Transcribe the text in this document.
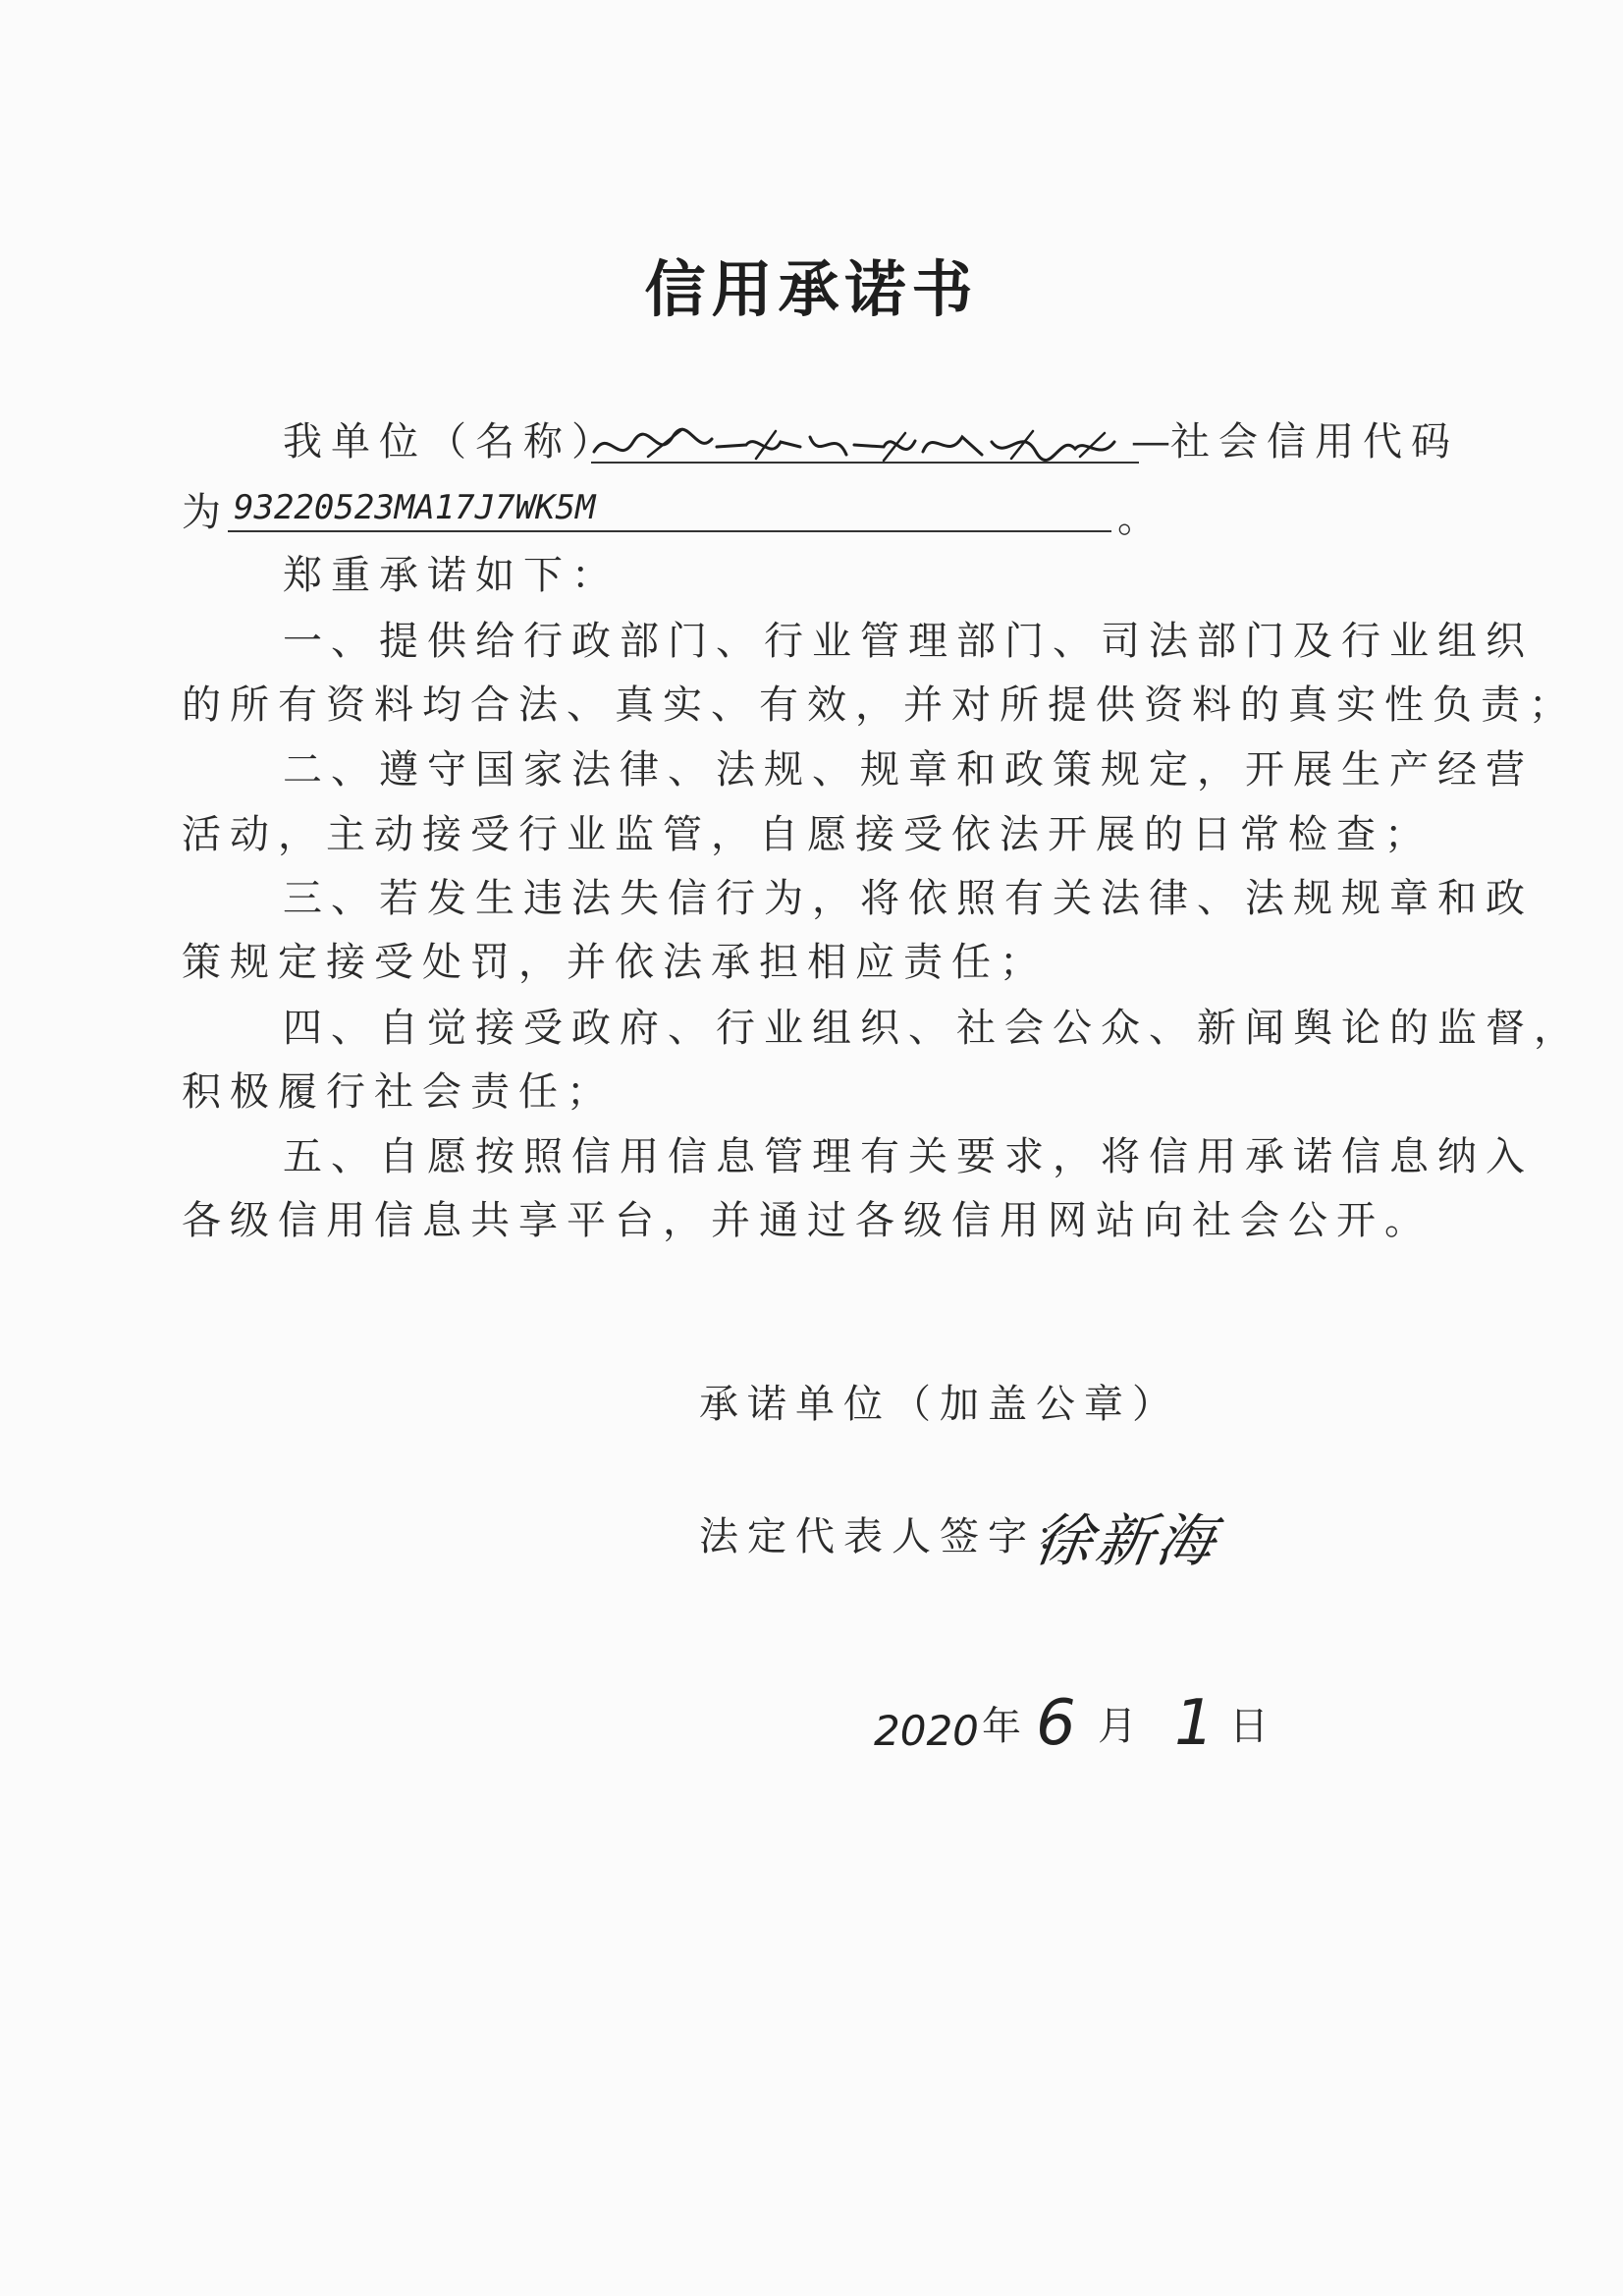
信用承诺书
我单位（名称）	—
社会信用代码
为 93220523MA17J7WK5M	。
郑重承诺如下：
一、提供给行政部门、行业管理部门、司法部门及行业组织
的所有资料均合法、真实、有效，并对所提供资料的真实性负责；
二、遵守国家法律、法规、规章和政策规定，开展生产经营
活动，主动接受行业监管，自愿接受依法开展的日常检查；
三、若发生违法失信行为，将依照有关法律、法规规章和政
策规定接受处罚，并依法承担相应责任；
四、自觉接受政府、行业组织、社会公众、新闻舆论的监督，
积极履行社会责任；
五、自愿按照信用信息管理有关要求，将信用承诺信息纳入
各级信用信息共享平台，并通过各级信用网站向社会公开。
承诺单位（加盖公章）
法定代表人签字：
徐新海
2020 年 6 月 1 日
